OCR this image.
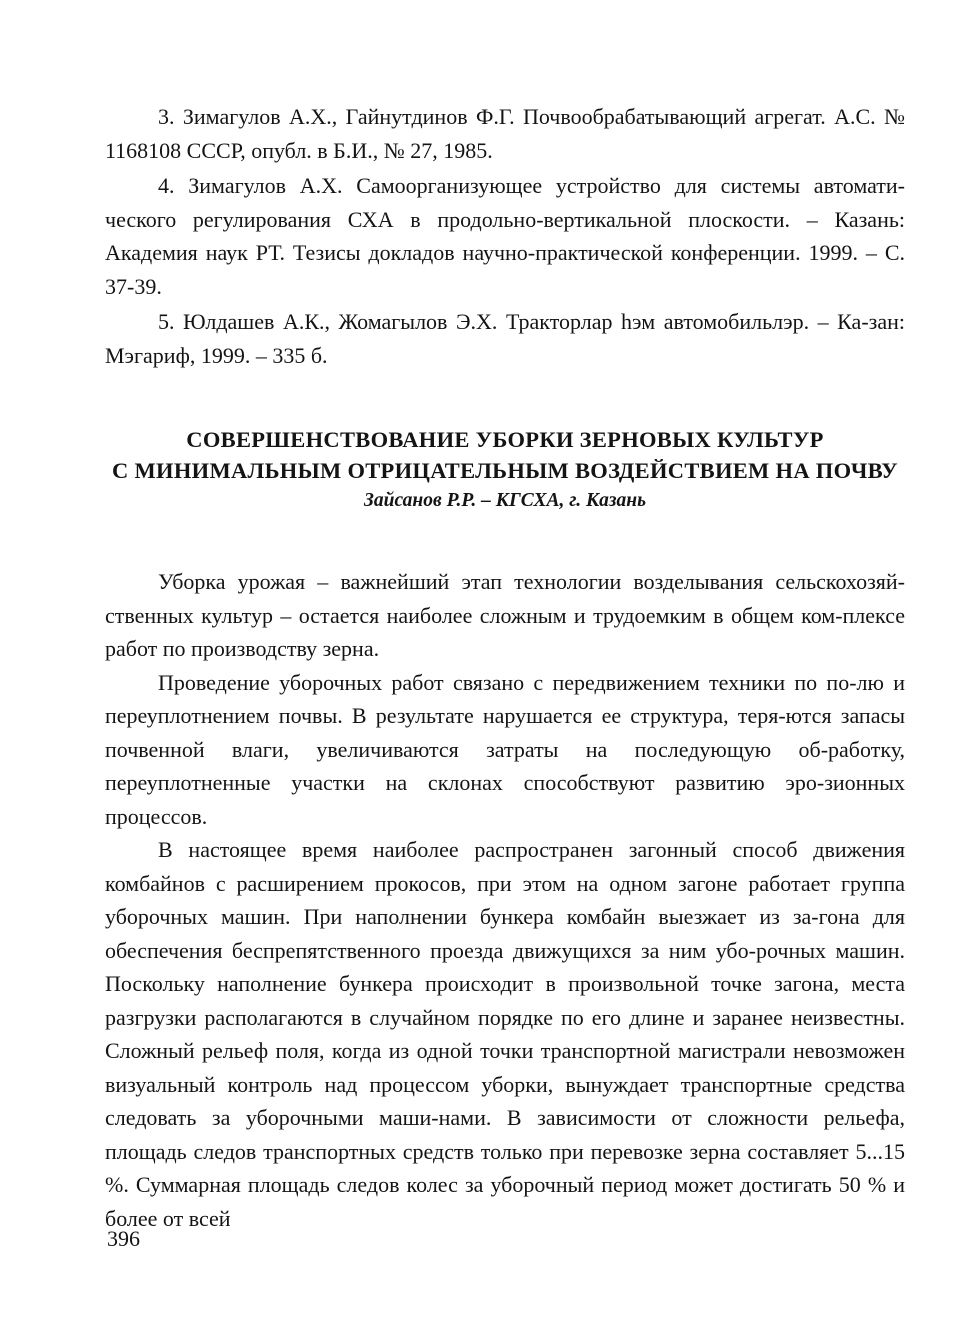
3. Зимагулов А.Х., Гайнутдинов Ф.Г. Почвообрабатывающий агрегат. А.С. № 1168108 СССР, опубл. в Б.И., № 27, 1985.

4. Зимагулов А.Х. Самоорганизующее устройство для системы автомати-ческого регулирования СХА в продольно-вертикальной плоскости. – Казань: Академия наук РТ. Тезисы докладов научно-практической конференции. 1999. – С. 37-39.

5. Юлдашев А.К., Жомагылов Э.Х. Тракторлар hэм автомобильлэр. – Ка-зан: Мэгариф, 1999. – 335 б.

СОВЕРШЕНСТВОВАНИЕ УБОРКИ ЗЕРНОВЫХ КУЛЬТУР
С МИНИМАЛЬНЫМ ОТРИЦАТЕЛЬНЫМ ВОЗДЕЙСТВИЕМ НА ПОЧВУ
Зайсанов Р.Р. – КГСХА, г. Казань

Уборка урожая – важнейший этап технологии возделывания сельскохозяй-ственных культур – остается наиболее сложным и трудоемким в общем ком-плексе работ по производству зерна.

Проведение уборочных работ связано с передвижением техники по по-лю и переуплотнением почвы. В результате нарушается ее структура, теря-ются запасы почвенной влаги, увеличиваются затраты на последующую об-работку, переуплотненные участки на склонах способствуют развитию эро-зионных процессов.

В настоящее время наиболее распространен загонный способ движения комбайнов с расширением прокосов, при этом на одном загоне работает группа уборочных машин. При наполнении бункера комбайн выезжает из за-гона для обеспечения беспрепятственного проезда движущихся за ним убо-рочных машин. Поскольку наполнение бункера происходит в произвольной точке загона, места разгрузки располагаются в случайном порядке по его длине и заранее неизвестны. Сложный рельеф поля, когда из одной точки транспортной магистрали невозможен визуальный контроль над процессом уборки, вынуждает транспортные средства следовать за уборочными маши-нами. В зависимости от сложности рельефа, площадь следов транспортных средств только при перевозке зерна составляет 5...15 %. Суммарная площадь следов колес за уборочный период может достигать 50 % и более от всей

396
